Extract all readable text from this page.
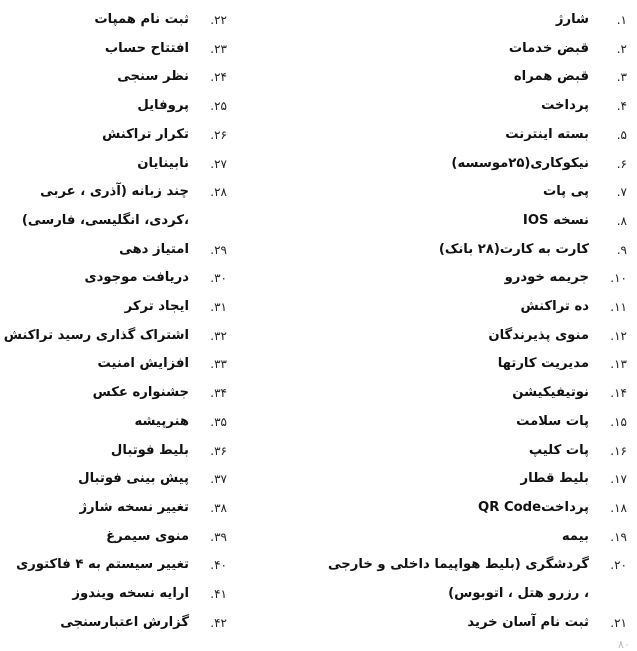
۱.
شارژ
۲.
قبض خدمات
۳.
قبض همراه
۴.
پرداخت
۵.
بسته اینترنت
۶.
نیکوکاری(۲۵موسسه)
۷.
پی پات
۸.
نسخه IOS
۹.
کارت به کارت(۲۸ بانک)
۱۰.
جریمه خودرو
۱۱.
ده تراکنش
۱۲.
منوی پذیرندگان
۱۳.
مدیریت کارتها
۱۴.
نوتیفیکیشن
۱۵.
پات سلامت
۱۶.
پات کلیپ
۱۷.
بلیط قطار
۱۸.
پرداختQR Code
۱۹.
بیمه
۲۰.
گردشگری (بلیط هواپیما داخلی و خارجی ، رزرو هتل ، اتوبوس)
۲۱.
ثبت نام آسان خرید
۲۲.
ثبت نام همپات
۲۳.
افتتاح حساب
۲۴.
نظر سنجی
۲۵.
پروفایل
۲۶.
تکرار تراکنش
۲۷.
نابینایان
۲۸.
چند زبانه (آذری ، عربی ،کردی، انگلیسی، فارسی)
۲۹.
امتیاز دهی
۳۰.
دریافت موجودی
۳۱.
ایجاد ترکر
۳۲.
اشتراک گذاری رسید تراکنش
۳۳.
افزایش امنیت
۳۴.
جشنواره عکس
۳۵.
هنرپیشه
۳۶.
بلیط فوتبال
۳۷.
پیش بینی فوتبال
۳۸.
تغییر نسخه شارژ
۳۹.
منوی سیمرغ
۴۰.
تغییر سیستم به ۴ فاکتوری
۴۱.
ارایه نسخه ویندوز
۴۲.
گزارش اعتبارسنجی
۸۰
